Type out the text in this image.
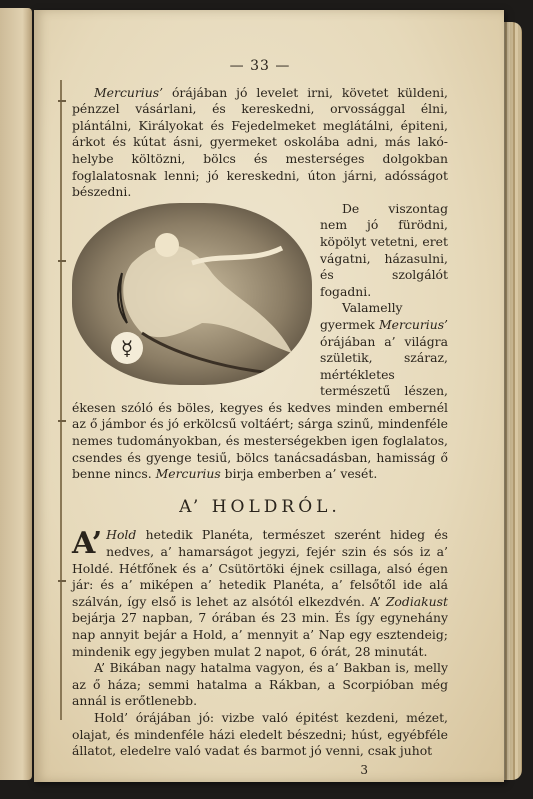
— 33 —

Mercurius’ órájában jó levelet irni, követet küldeni, pénzzel vásárlani, és kereskedni, orvossággal élni, plántálni, Királyokat és Fejedelmeket meglátálni, épiteni, árkot és kútat ásni, gyermeket oskolába adni, más lakó-helybe költözni, bölcs és mesterséges dolgokban foglalatosnak lenni; jó kereskedni, úton járni, adósságot bészedni.

☿

De viszontag nem jó fürödni, köpölyt vetetni, eret vágatni, házasulni, és szolgálót fogadni.

Valamelly gyermek Mercurius’ órájában a’ világra születik, száraz, mértékletes természetű lészen, ékesen szóló és böles, kegyes és kedves minden embernél az ő jámbor és jó erkölcsű voltáért; sárga szinű, mindenféle nemes tudományokban, és mesterségekben igen foglalatos, csendes és gyenge tesiű, bölcs tanácsadásban, hamisság ő benne nincs. Mercurius birja emberben a’ vesét.

A’ HOLDRÓL.

A’ Hold hetedik Planéta, természet szerént hideg és nedves, a’ hamarságot jegyzi, fejér szin és sós iz a’ Holdé. Hétfőnek és a’ Csütörtöki éjnek csillaga, alsó égen jár: és a’ miképen a’ hetedik Planéta, a’ felsőtől ide alá szálván, így első is lehet az alsótól elkezdvén. A’ Zodiakust bejárja 27 napban, 7 órában és 23 min. És így egynehány nap annyit bejár a Hold, a’ mennyit a’ Nap egy esztendeig; mindenik egy jegyben mulat 2 napot, 6 órát, 28 minutát.

A’ Bikában nagy hatalma vagyon, és a’ Bakban is, melly az ő háza; semmi hatalma a Rákban, a Scorpióban még annál is erőtlenebb.

Hold’ órájában jó: vizbe való épitést kezdeni, mézet, olajat, és mindenféle házi eledelt bészedni; húst, egyébféle állatot, eledelre való vadat és barmot jó venni, csak juhot

3
